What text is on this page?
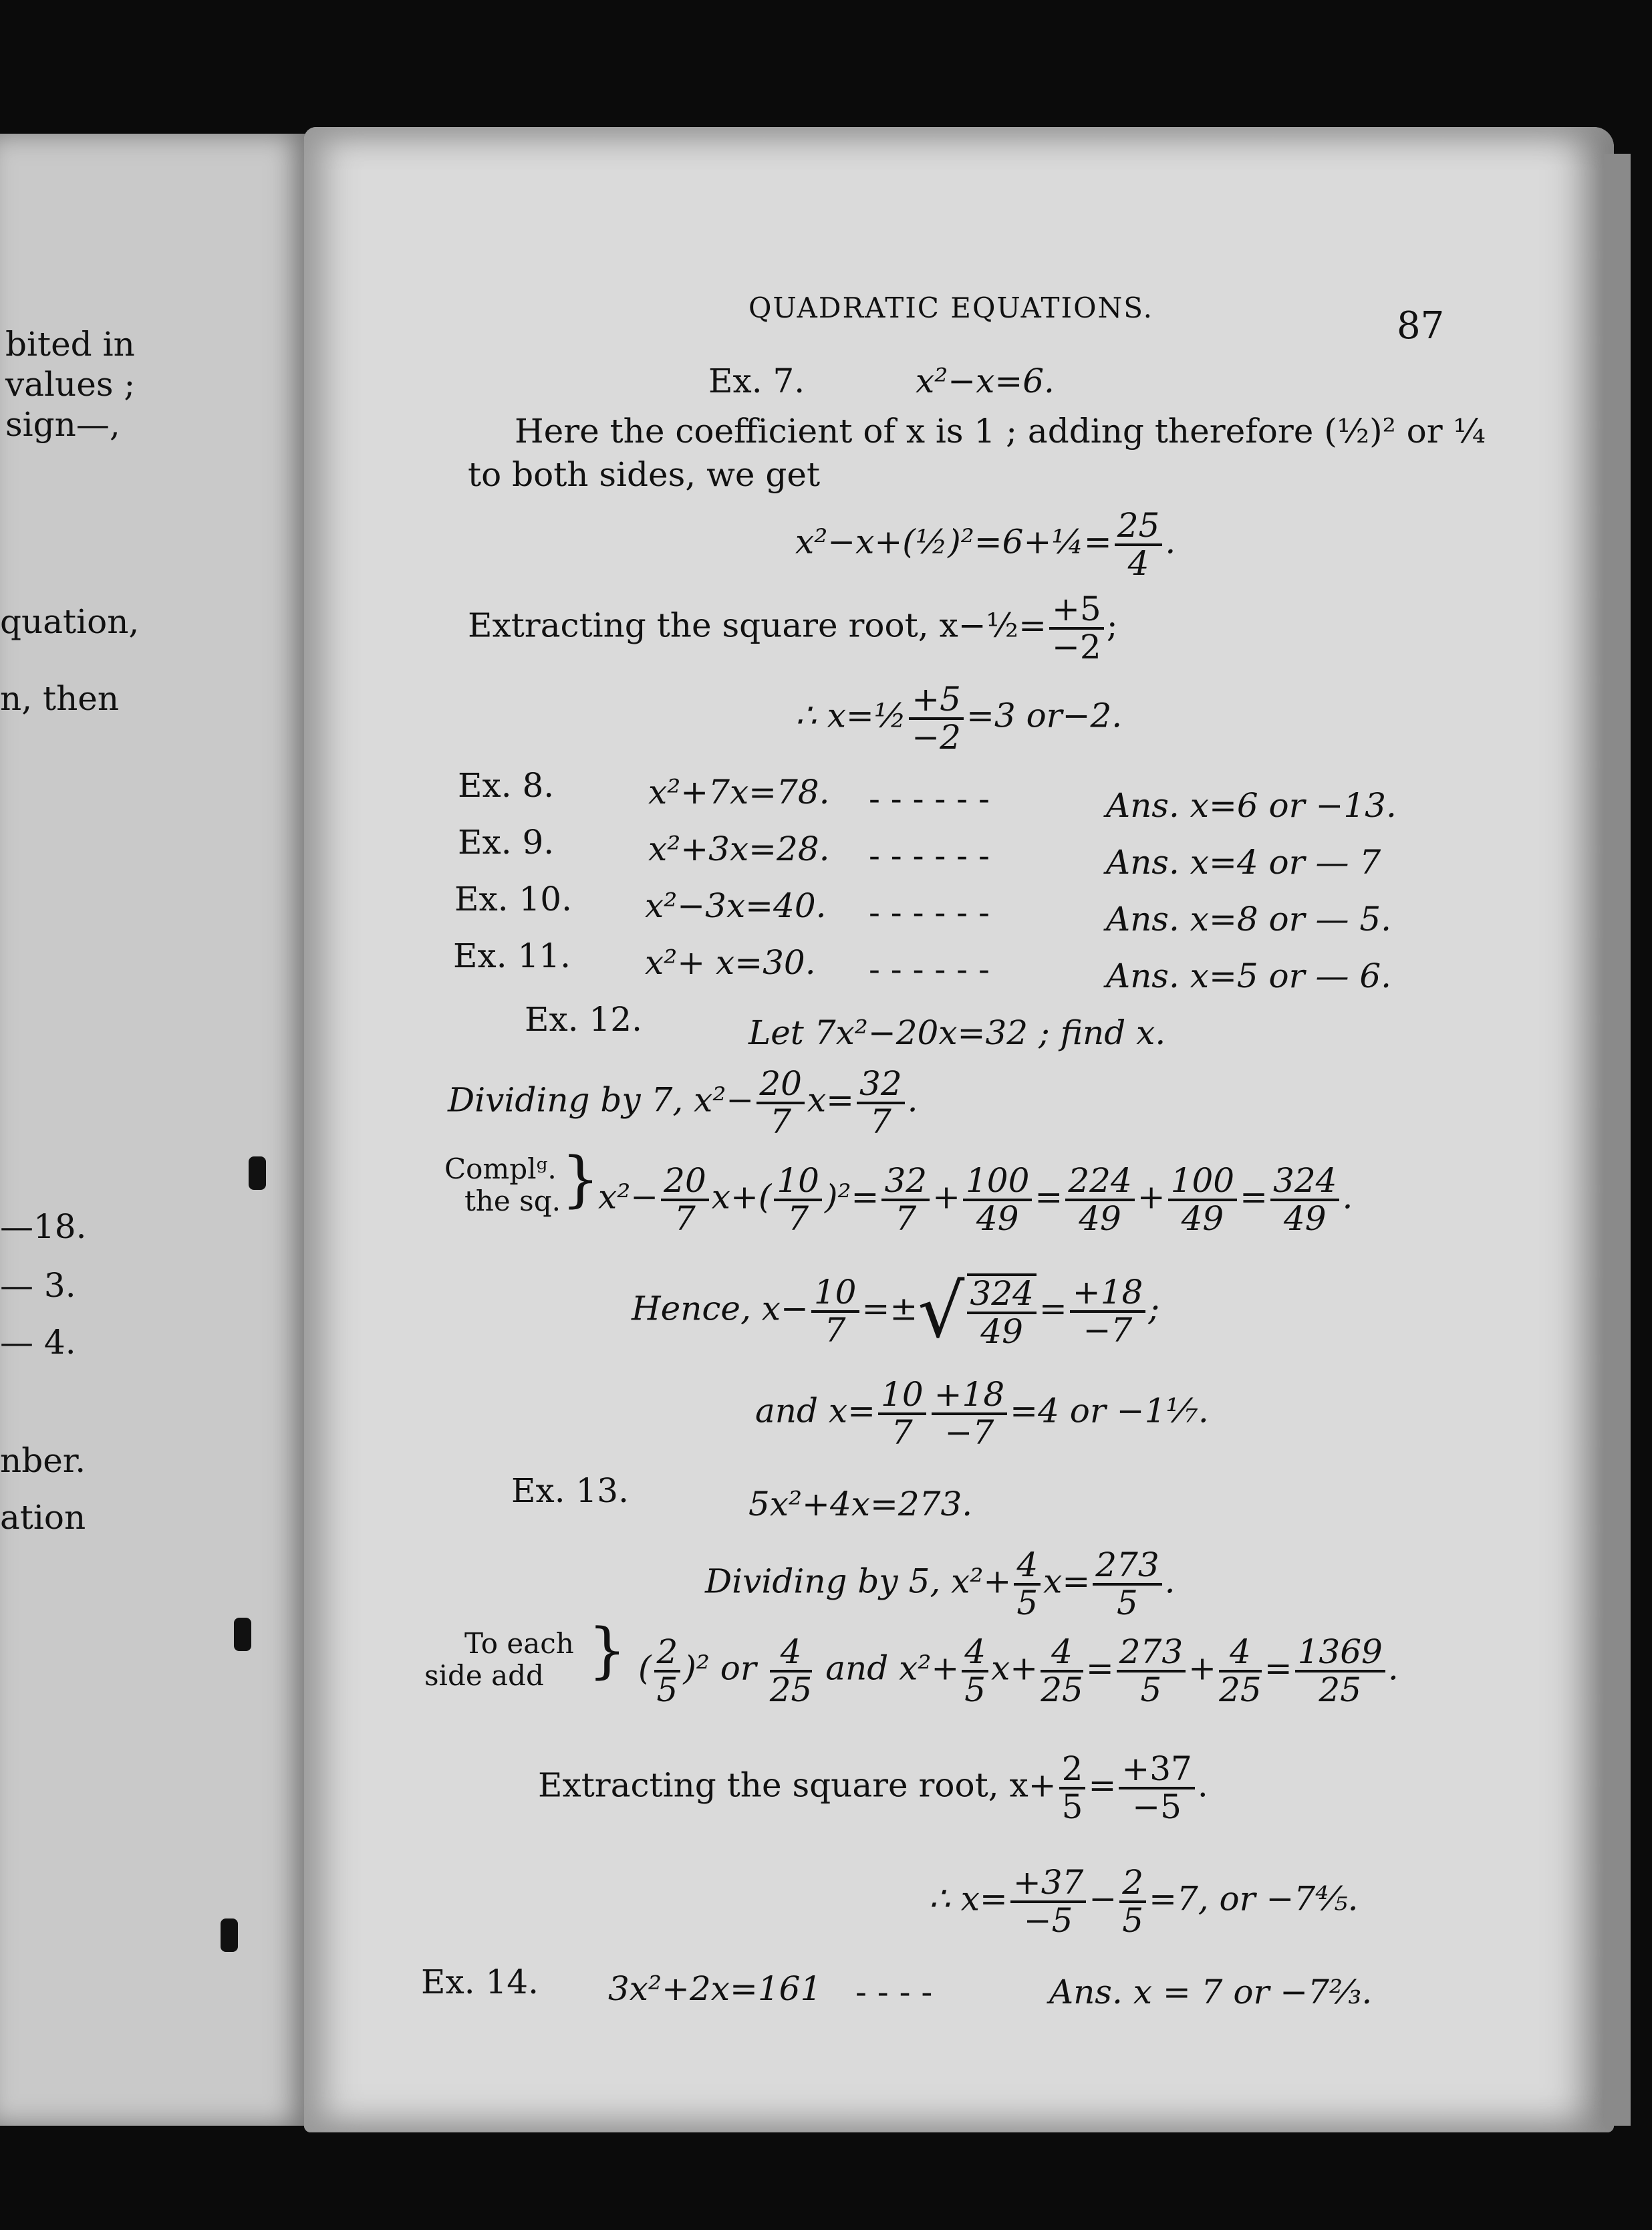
bited in
values ;
sign—,
quation,
n, then
—18.
— 3.
— 4.
nber.
ation
QUADRATIC EQUATIONS.	87
Ex. 7.	x²−x=6.
Here the coefficient of x is 1 ; adding therefore (½)² or ¼
to both sides, we get
x²−x+(½)²=6+¼= $\frac{25}{4}$ .
Extracting the square root, x−½= $\frac{+5}{-2}$ ;
∴ x=½ $\frac{+5}{-2} =3$ or−2.
Ex. 8.	x²+7x=78. - - - - - -	Ans. x=6 or −13.
Ex. 9.	x²+3x=28. - - - - - -	Ans. x=4 or — 7
Ex. 10. x²−3x=40. - - - - - -	Ans. x=8 or — 5.
Ex. 11. x²+ x=30. - - - - - -	Ans. x=5 or — 6.
Ex. 12.	Let 7x²−20x=32 ; find x.
Dividing by 7, $x^2- \frac{20}{7} x= \frac{32}{7}$ .
Complᵍ.
the sq. }
$x^2- \frac{20}{7} x+( \frac{10}{7} )^2= \frac{32}{7} + \frac{100}{49} = \frac{224}{49} + \frac{100}{49} = \frac{324}{49}$ .
Hence, $x- \frac{10}{7}$ =±√ $\frac{324}{49} = \frac{+18}{-7}$ ;
and $x= \frac{10}{7} \frac{+18}{-7} =4$ or −1¹⁄₇.
Ex. 13.	5x²+4x=273.
Dividing by 5, $x^2+ \frac{4}{5} x= \frac{273}{5}$ .
To each
side add } ( $\frac{2}{5} )^2$ or $\frac{4}{25}$ and $x^2+ \frac{4}{5} x+ \frac{4}{25} = \frac{273}{5} + \frac{4}{25} = \frac{1369}{25}$ .
Extracting the square root, $x+ \frac{2}{5} = \frac{+37}{-5}$ .
∴ $x= \frac{+37}{-5} - \frac{2}{5} =7$, or −7⁴⁄₅.
Ex. 14. 3x²+2x=161 - - - -	Ans. x = 7 or −7⅔.
